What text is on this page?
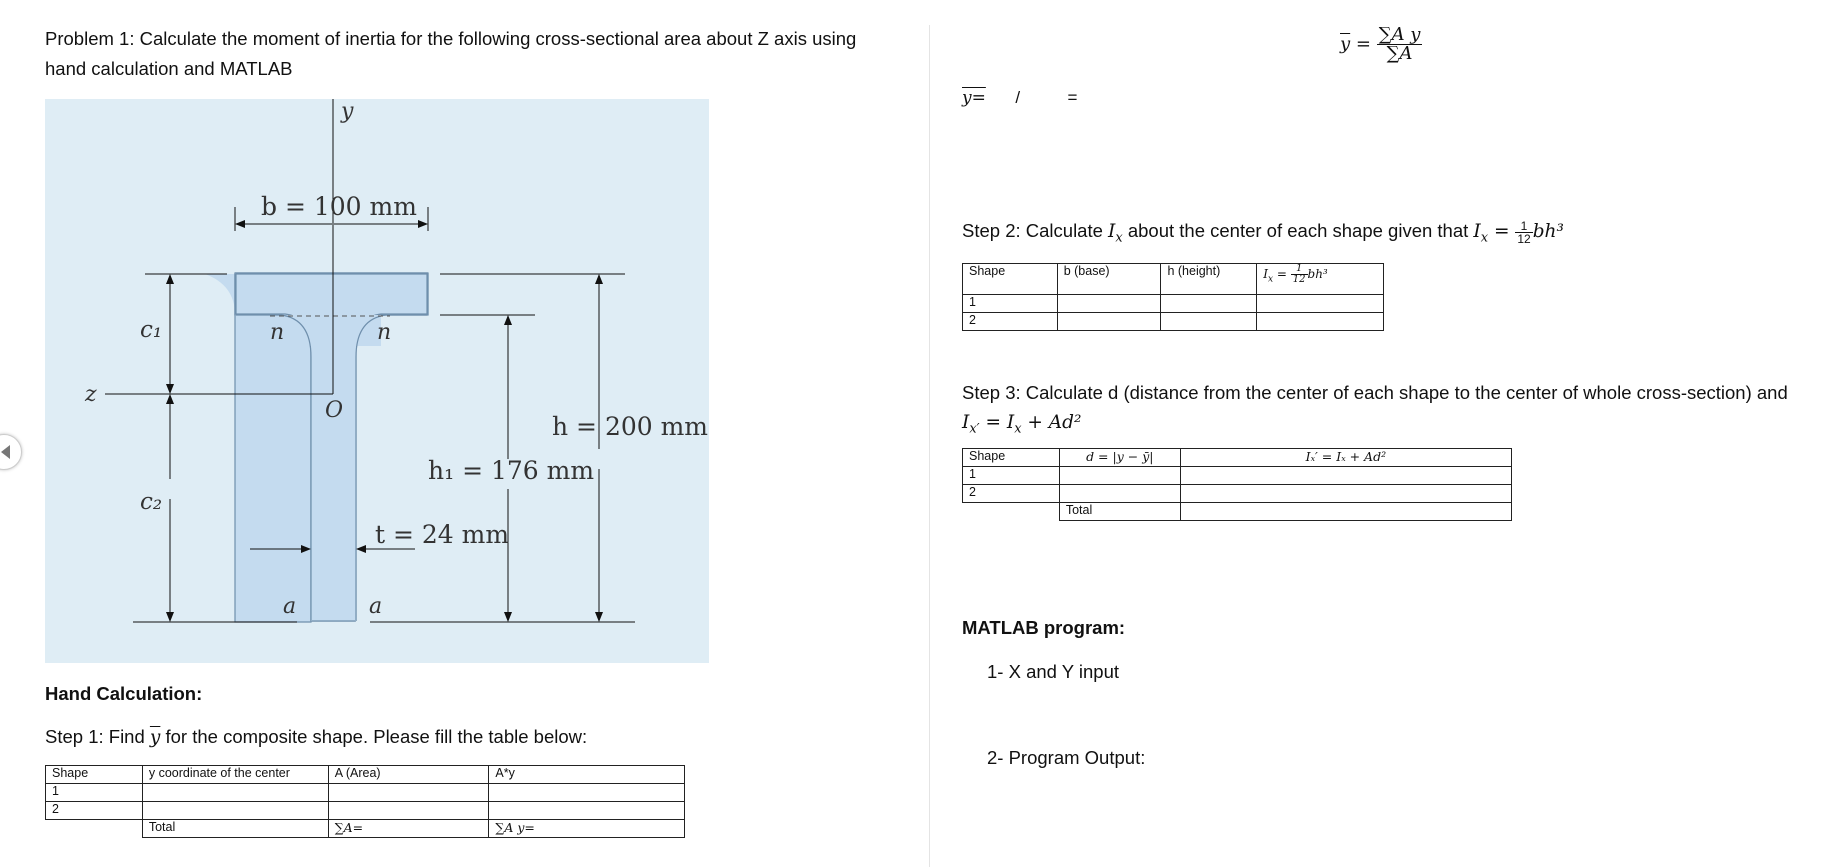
Problem 1: Calculate the moment of inertia for the following cross-sectional area about Z axis using
hand calculation and MATLAB
y
z
b = 100 mm
c₁
c₂
n	n
O
h = 200 mm
h₁ = 176 mm
t = 24 mm
a	a
Hand Calculation:
Step 1: Find $\overline{y}$ for the composite shape. Please fill the table below:
Shape	y coordinate of the center	A (Area)	A*y
1			
2			
	Total	∑A=	∑A y=
$\overline{y} = \frac{\text{∑A y}}{\sum A}$
y= /	=
Step 2: Calculate $I_x$ about the center of each shape given that $I_x = \frac{1}{12} bh^3$
Shape	b (base)	h (height)	$I_x = \frac{1}{12} bh^3$
1			
2			
Step 3: Calculate d (distance from the center of each shape to the center of whole cross-section) and
$I_{x'} = I_x + Ad^2$
Shape	d = |y − ȳ|	Iₓ′ = Iₓ + Ad²
1		
2		
	Total	
MATLAB program:
1- X and Y input
2- Program Output:
